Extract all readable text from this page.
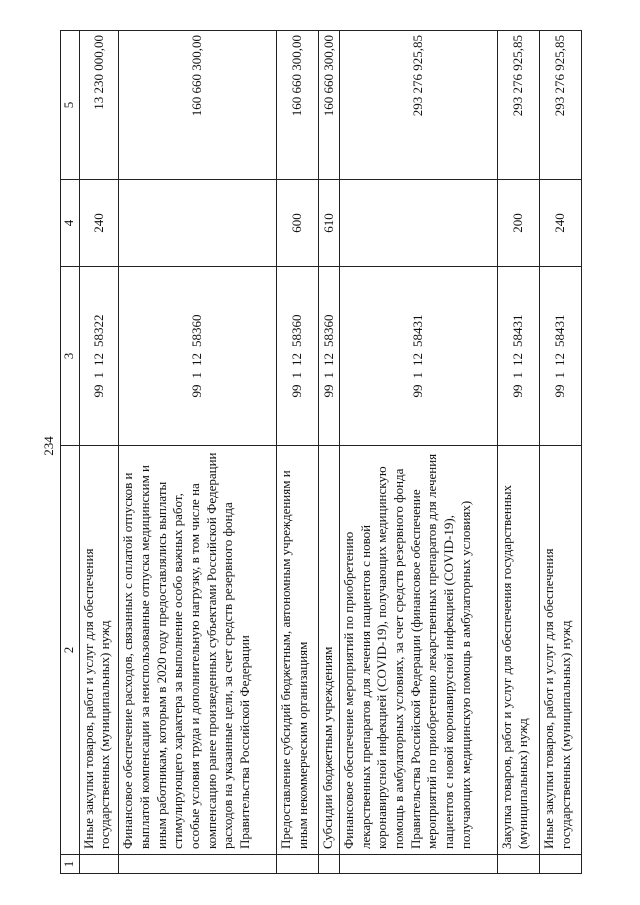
234
1	2	3	4	5
	Иные закупки товаров, работ и услуг для обеспечения государственных (муниципальных) нужд	9911258322	240	13 230 000,00
	Финансовое обеспечение расходов, связанных с оплатой отпусков и выплатой компенсации за неиспользованные отпуска медицинским и иным работникам, которым в 2020 году предоставлялись выплаты стимулирующего характера за выполнение особо важных работ, особые условия труда и дополнительную нагрузку, в том числе на компенсацию ранее произведенных субъектами Российской Федерации расходов на указанные цели, за счет средств резервного фонда Правительства Российской Федерации	9911258360		160 660 300,00
	Предоставление субсидий бюджетным, автономным учреждениям и иным некоммерческим организациям	9911258360	600	160 660 300,00
	Субсидии бюджетным учреждениям	9911258360	610	160 660 300,00
	Финансовое обеспечение мероприятий по приобретению лекарственных препаратов для лечения пациентов с новой коронавирусной инфекцией (COVID-19), получающих медицинскую помощь в амбулаторных условиях, за счет средств резервного фонда Правительства Российской Федерации (финансовое обеспечение мероприятий по приобретению лекарственных препаратов для лечения пациентов с новой коронавирусной инфекцией (COVID-19), получающих медицинскую помощь в амбулаторных условиях)	9911258431		293 276 925,85
	Закупка товаров, работ и услуг для обеспечения государственных (муниципальных) нужд	9911258431	200	293 276 925,85
	Иные закупки товаров, работ и услуг для обеспечения государственных (муниципальных) нужд	9911258431	240	293 276 925,85
